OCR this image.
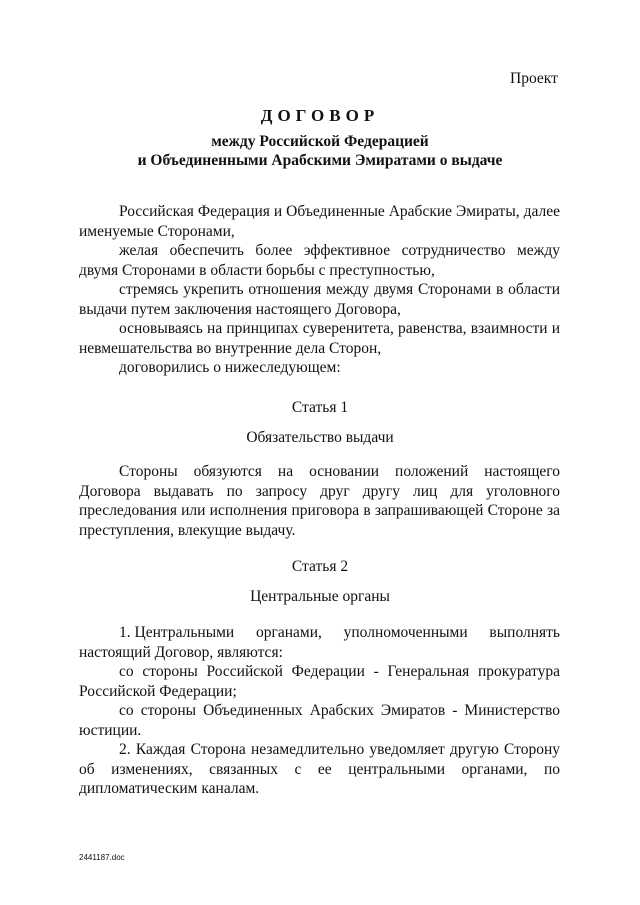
Проект
ДОГОВОР
между Российской Федерацией
и Объединенными Арабскими Эмиратами о выдаче

Российская Федерация и Объединенные Арабские Эмираты, далее именуемые Сторонами,

желая обеспечить более эффективное сотрудничество между двумя Сторонами в области борьбы с преступностью,

стремясь укрепить отношения между двумя Сторонами в области выдачи путем заключения настоящего Договора,

основываясь на принципах суверенитета, равенства, взаимности и невмешательства во внутренние дела Сторон,

договорились о нижеследующем:

Статья 1
Обязательство выдачи

Стороны обязуются на основании положений настоящего Договора выдавать по запросу друг другу лиц для уголовного преследования или исполнения приговора в запрашивающей Стороне за преступления, влекущие выдачу.

Статья 2
Центральные органы
1. Центральными органами, уполномоченными выполнять

настоящий Договор, являются:

со стороны Российской Федерации - Генеральная прокуратура Российской Федерации;

со стороны Объединенных Арабских Эмиратов - Министерство юстиции.

2. Каждая Сторона незамедлительно уведомляет другую Сторону об изменениях, связанных с ее центральными органами, по дипломатическим каналам.

2441187.doc
